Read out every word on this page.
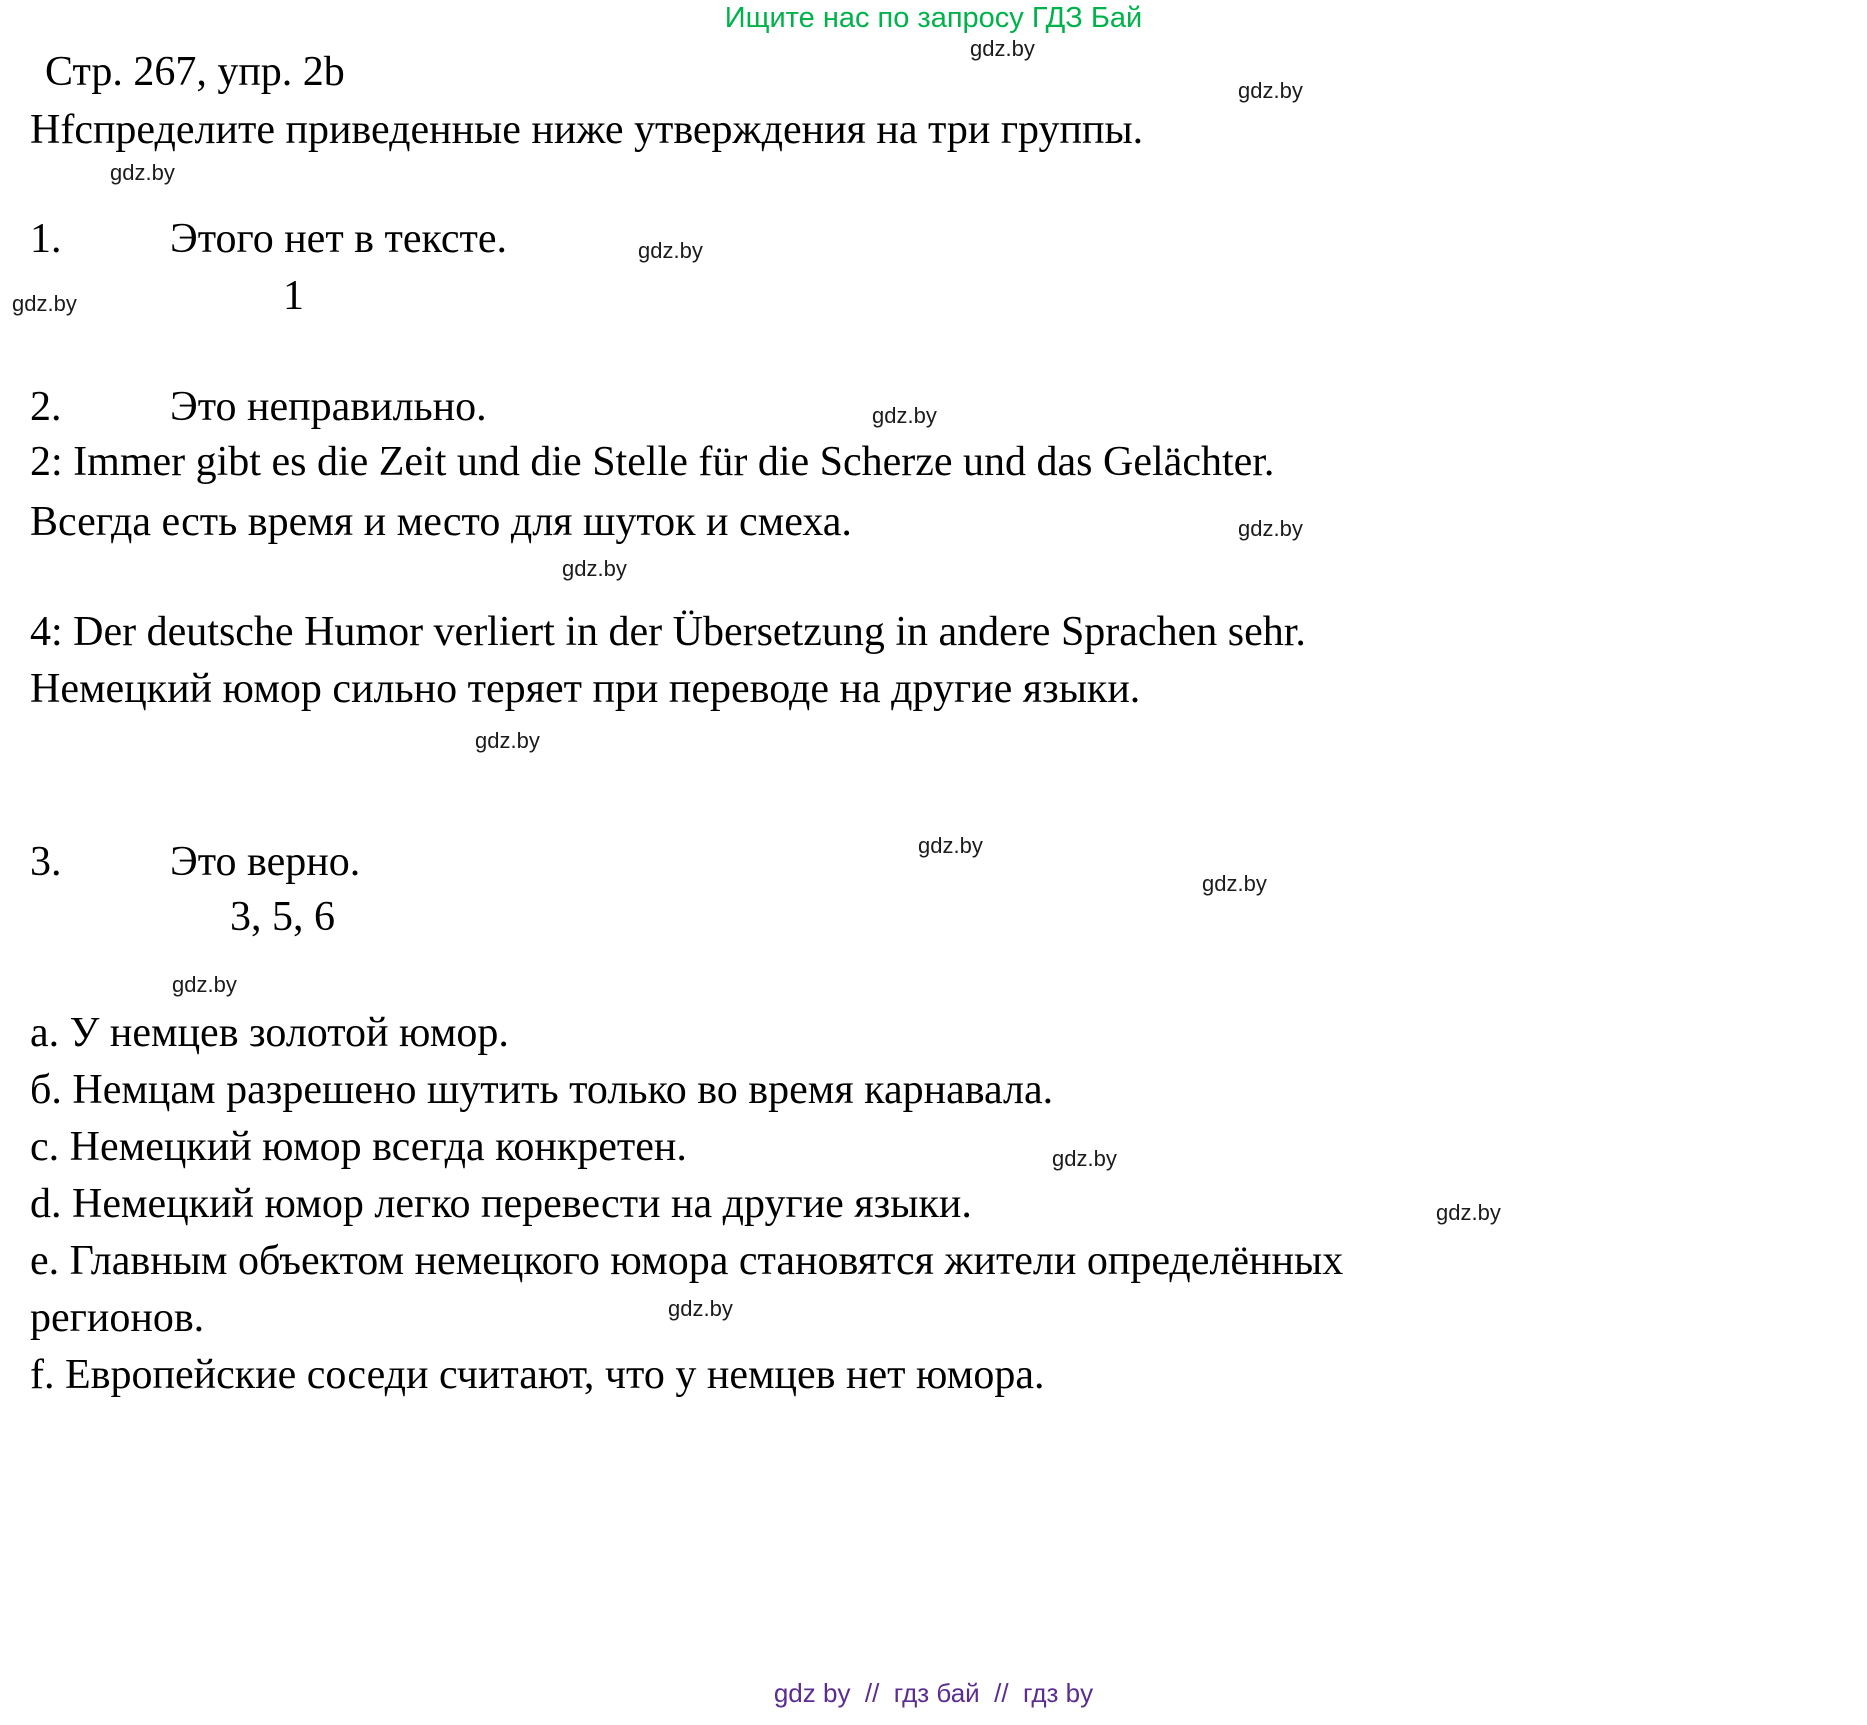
Ищите нас по запросу ГДЗ Бай
gdz.by
gdz.by
gdz.by
gdz.by
gdz.by
gdz.by
gdz.by
gdz.by
gdz.by
gdz.by
gdz.by
gdz.by
gdz.by
gdz.by
gdz.by
Стр. 267, упр. 2b
Нfспределите приведенные ниже утверждения на три группы.
1.	Этого нет в тексте.
1
2.	Это неправильно.
2: Immer gibt es die Zeit und die Stelle für die Scherze und das Gelächter.
Всегда есть время и место для шуток и смеха.
4: Der deutsche Humor verliert in der Übersetzung in andere Sprachen sehr.
Немецкий юмор сильно теряет при переводе на другие языки.
3.	Это верно.
3, 5, 6

a. У немцев золотой юмор.

б. Немцам разрешено шутить только во время карнавала.

c. Немецкий юмор всегда конкретен.

d. Немецкий юмор легко перевести на другие языки.

e. Главным объектом немецкого юмора становятся жители определённых регионов.

f. Европейские соседи считают, что у немцев нет юмора.

gdz by  //  гдз бай  //  гдз by
